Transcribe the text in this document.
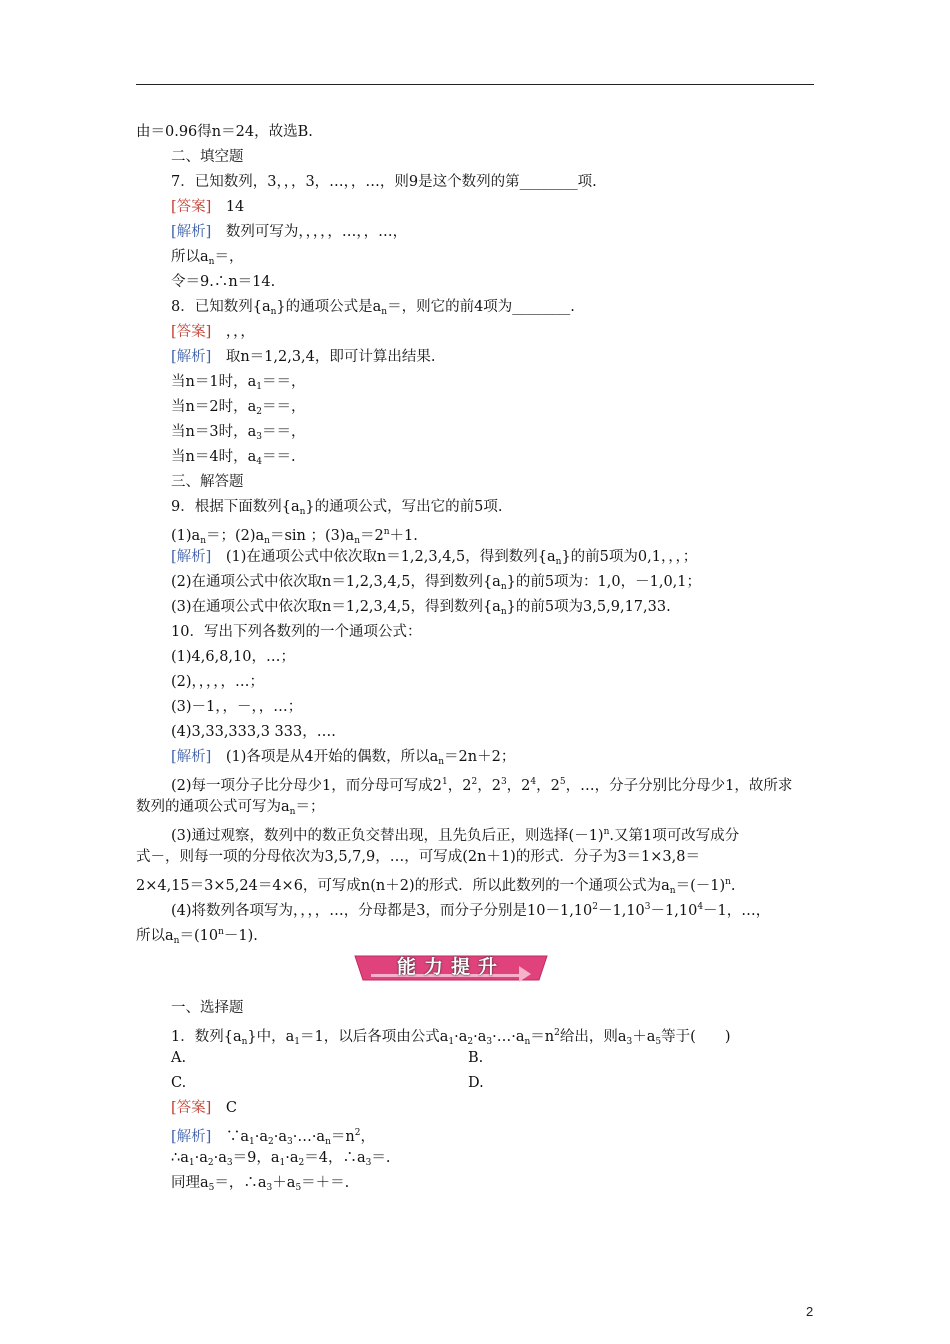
由＝0.96得n＝24，故选B.
二、填空题
7．已知数列，3，，，3，…，，…，则9是这个数列的第________项.
[答案]　 14
[解析]　 数列可写为，，，，，…，，…，
所以$a_n=$，
令＝9.∴n＝14.
8．已知数列$\{a_n\}$的通项公式是$a_n=$，则它的前4项为________.
[答案]　 ，，，
[解析]　 取n＝1,2,3,4，即可计算出结果.
当n＝1时，$a_1==$，
当n＝2时，$a_2==$，
当n＝3时，$a_3==$，
当n＝4时，$a_4==$.
三、解答题
9．根据下面数列$\{a_n\}$的通项公式，写出它的前5项.
$(1)a_n=$；$(2)a_n=\sin$ ；$(3)a_n=2^n+1$.
[解析]　 (1)在通项公式中依次取n＝1,2,3,4,5，得到数列$\{a_n\}$的前5项为0,1，，，；
(2)在通项公式中依次取n＝1,2,3,4,5，得到数列$\{a_n\}$的前5项为：1,0，－1,0,1；
(3)在通项公式中依次取n＝1,2,3,4,5，得到数列$\{a_n\}$的前5项为3,5,9,17,33.
10．写出下列各数列的一个通项公式：
(1)4,6,8,10，…；
(2)，，，，，…；
(3)－1，，－，，…；
(4)3,33,333,3 333，….
[解析]　 (1)各项是从4开始的偶数，所以$a_n=2n+2$；
(2)每一项分子比分母少1，而分母可写成$2^1$，$2^2$，$2^3$，$2^4$，$2^5$，…，分子分别比分母少1，故所求
数列的通项公式可写为$a_n=$；
(3)通过观察，数列中的数正负交替出现，且先负后正，则选择$(-1)^n$.又第1项可改写成分
式－，则每一项的分母依次为3,5,7,9，…，可写成(2n＋1)的形式．分子为3＝1×3,8＝
2×4,15＝3×5,24＝4×6，可写成n(n＋2)的形式．所以此数列的一个通项公式为$a_n=(-1)^n$.
(4)将数列各项写为，，，，…，分母都是3，而分子分别是$10-1,10^2-1,10^3-1,10^4-1$，…，
所以$a_n=(10^n-1)$.
能力提升
一、选择题
1．数列$\{a_n\}$中，$a_1=1$，以后各项由公式$a_1\cdot a_2\cdot a_3\cdot\dots\cdot a_n=n^2$给出，则$a_3+a_5$等于(　　)
A.	B.
C.	D.
[答案]　 C
[解析]　 $\because a_1\cdot a_2\cdot a_3\cdot\dots\cdot a_n=n^2$，
$\therefore a_1\cdot a_2\cdot a_3=9$，$a_1\cdot a_2=4$，$\therefore a_3=$.
同理$a_5=$，$\therefore a_3+a_5=+=$.
2
